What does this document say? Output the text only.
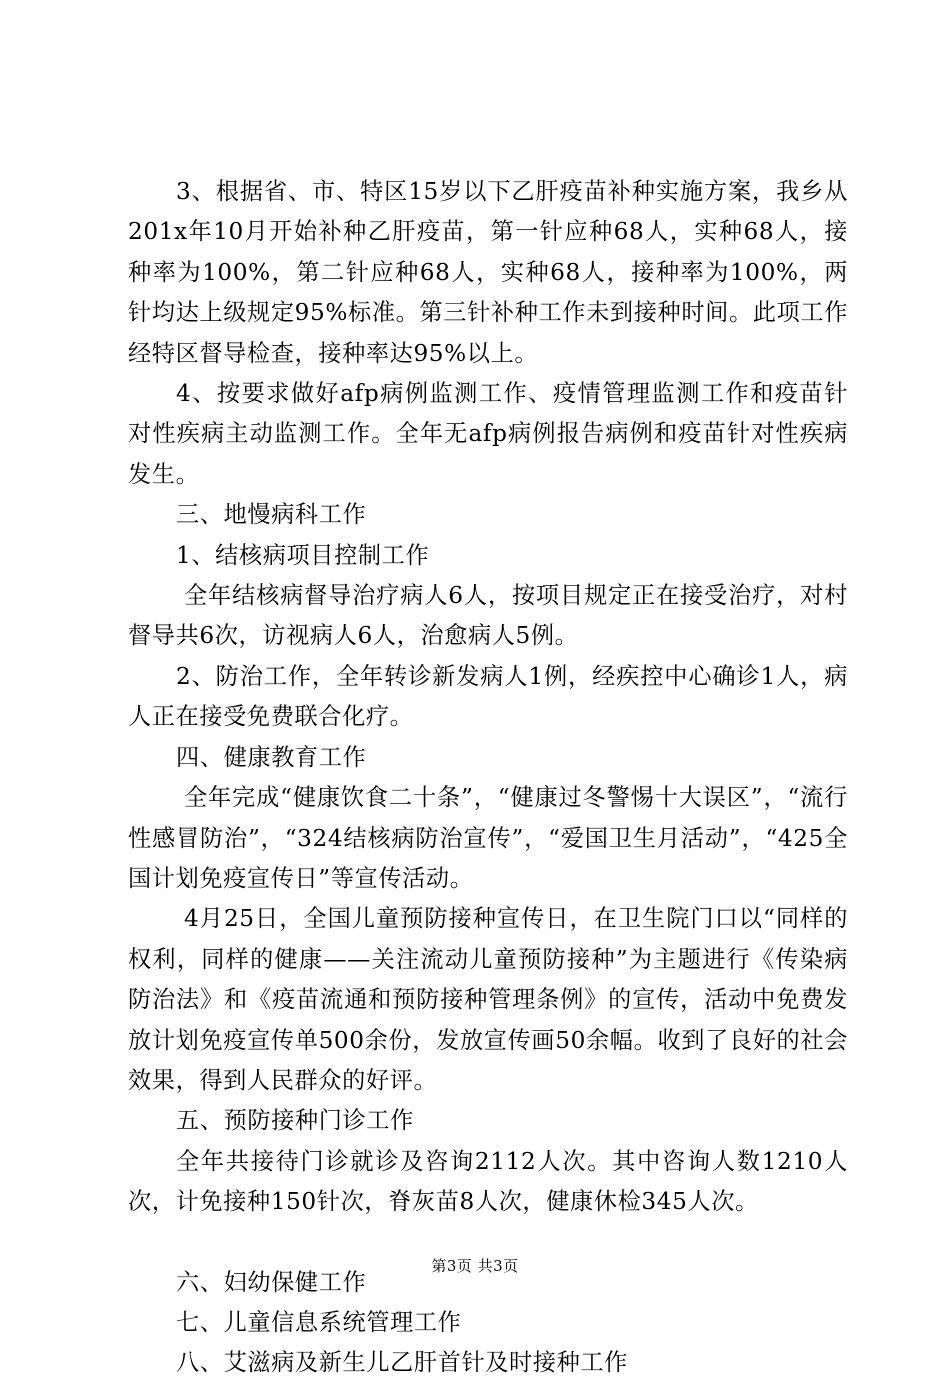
3、根据省、市、特区15岁以下乙肝疫苗补种实施方案，我乡从201x年10月开始补种乙肝疫苗，第一针应种68人，实种68人，接种率为100%，第二针应种68人，实种68人，接种率为100%，两针均达上级规定95%标准。第三针补种工作未到接种时间。此项工作经特区督导检查，接种率达95%以上。

4、按要求做好afp病例监测工作、疫情管理监测工作和疫苗针对性疾病主动监测工作。全年无afp病例报告病例和疫苗针对性疾病发生。

三、地慢病科工作

1、结核病项目控制工作

全年结核病督导治疗病人6人，按项目规定正在接受治疗，对村督导共6次，访视病人6人，治愈病人5例。

2、防治工作，全年转诊新发病人1例，经疾控中心确诊1人，病人正在接受免费联合化疗。

四、健康教育工作

全年完成“健康饮食二十条”，“健康过冬警惕十大误区”，“流行性感冒防治”，“324结核病防治宣传”，“爱国卫生月活动”，“425全国计划免疫宣传日”等宣传活动。

4月25日，全国儿童预防接种宣传日，在卫生院门口以“同样的权利，同样的健康——关注流动儿童预防接种”为主题进行《传染病防治法》和《疫苗流通和预防接种管理条例》的宣传，活动中免费发放计划免疫宣传单500余份，发放宣传画50余幅。收到了良好的社会效果，得到人民群众的好评。

五、预防接种门诊工作

全年共接待门诊就诊及咨询2112人次。其中咨询人数1210人次，计免接种150针次，脊灰苗8人次，健康休检345人次。

六、妇幼保健工作

七、儿童信息系统管理工作

八、艾滋病及新生儿乙肝首针及时接种工作

第3页 共3页
